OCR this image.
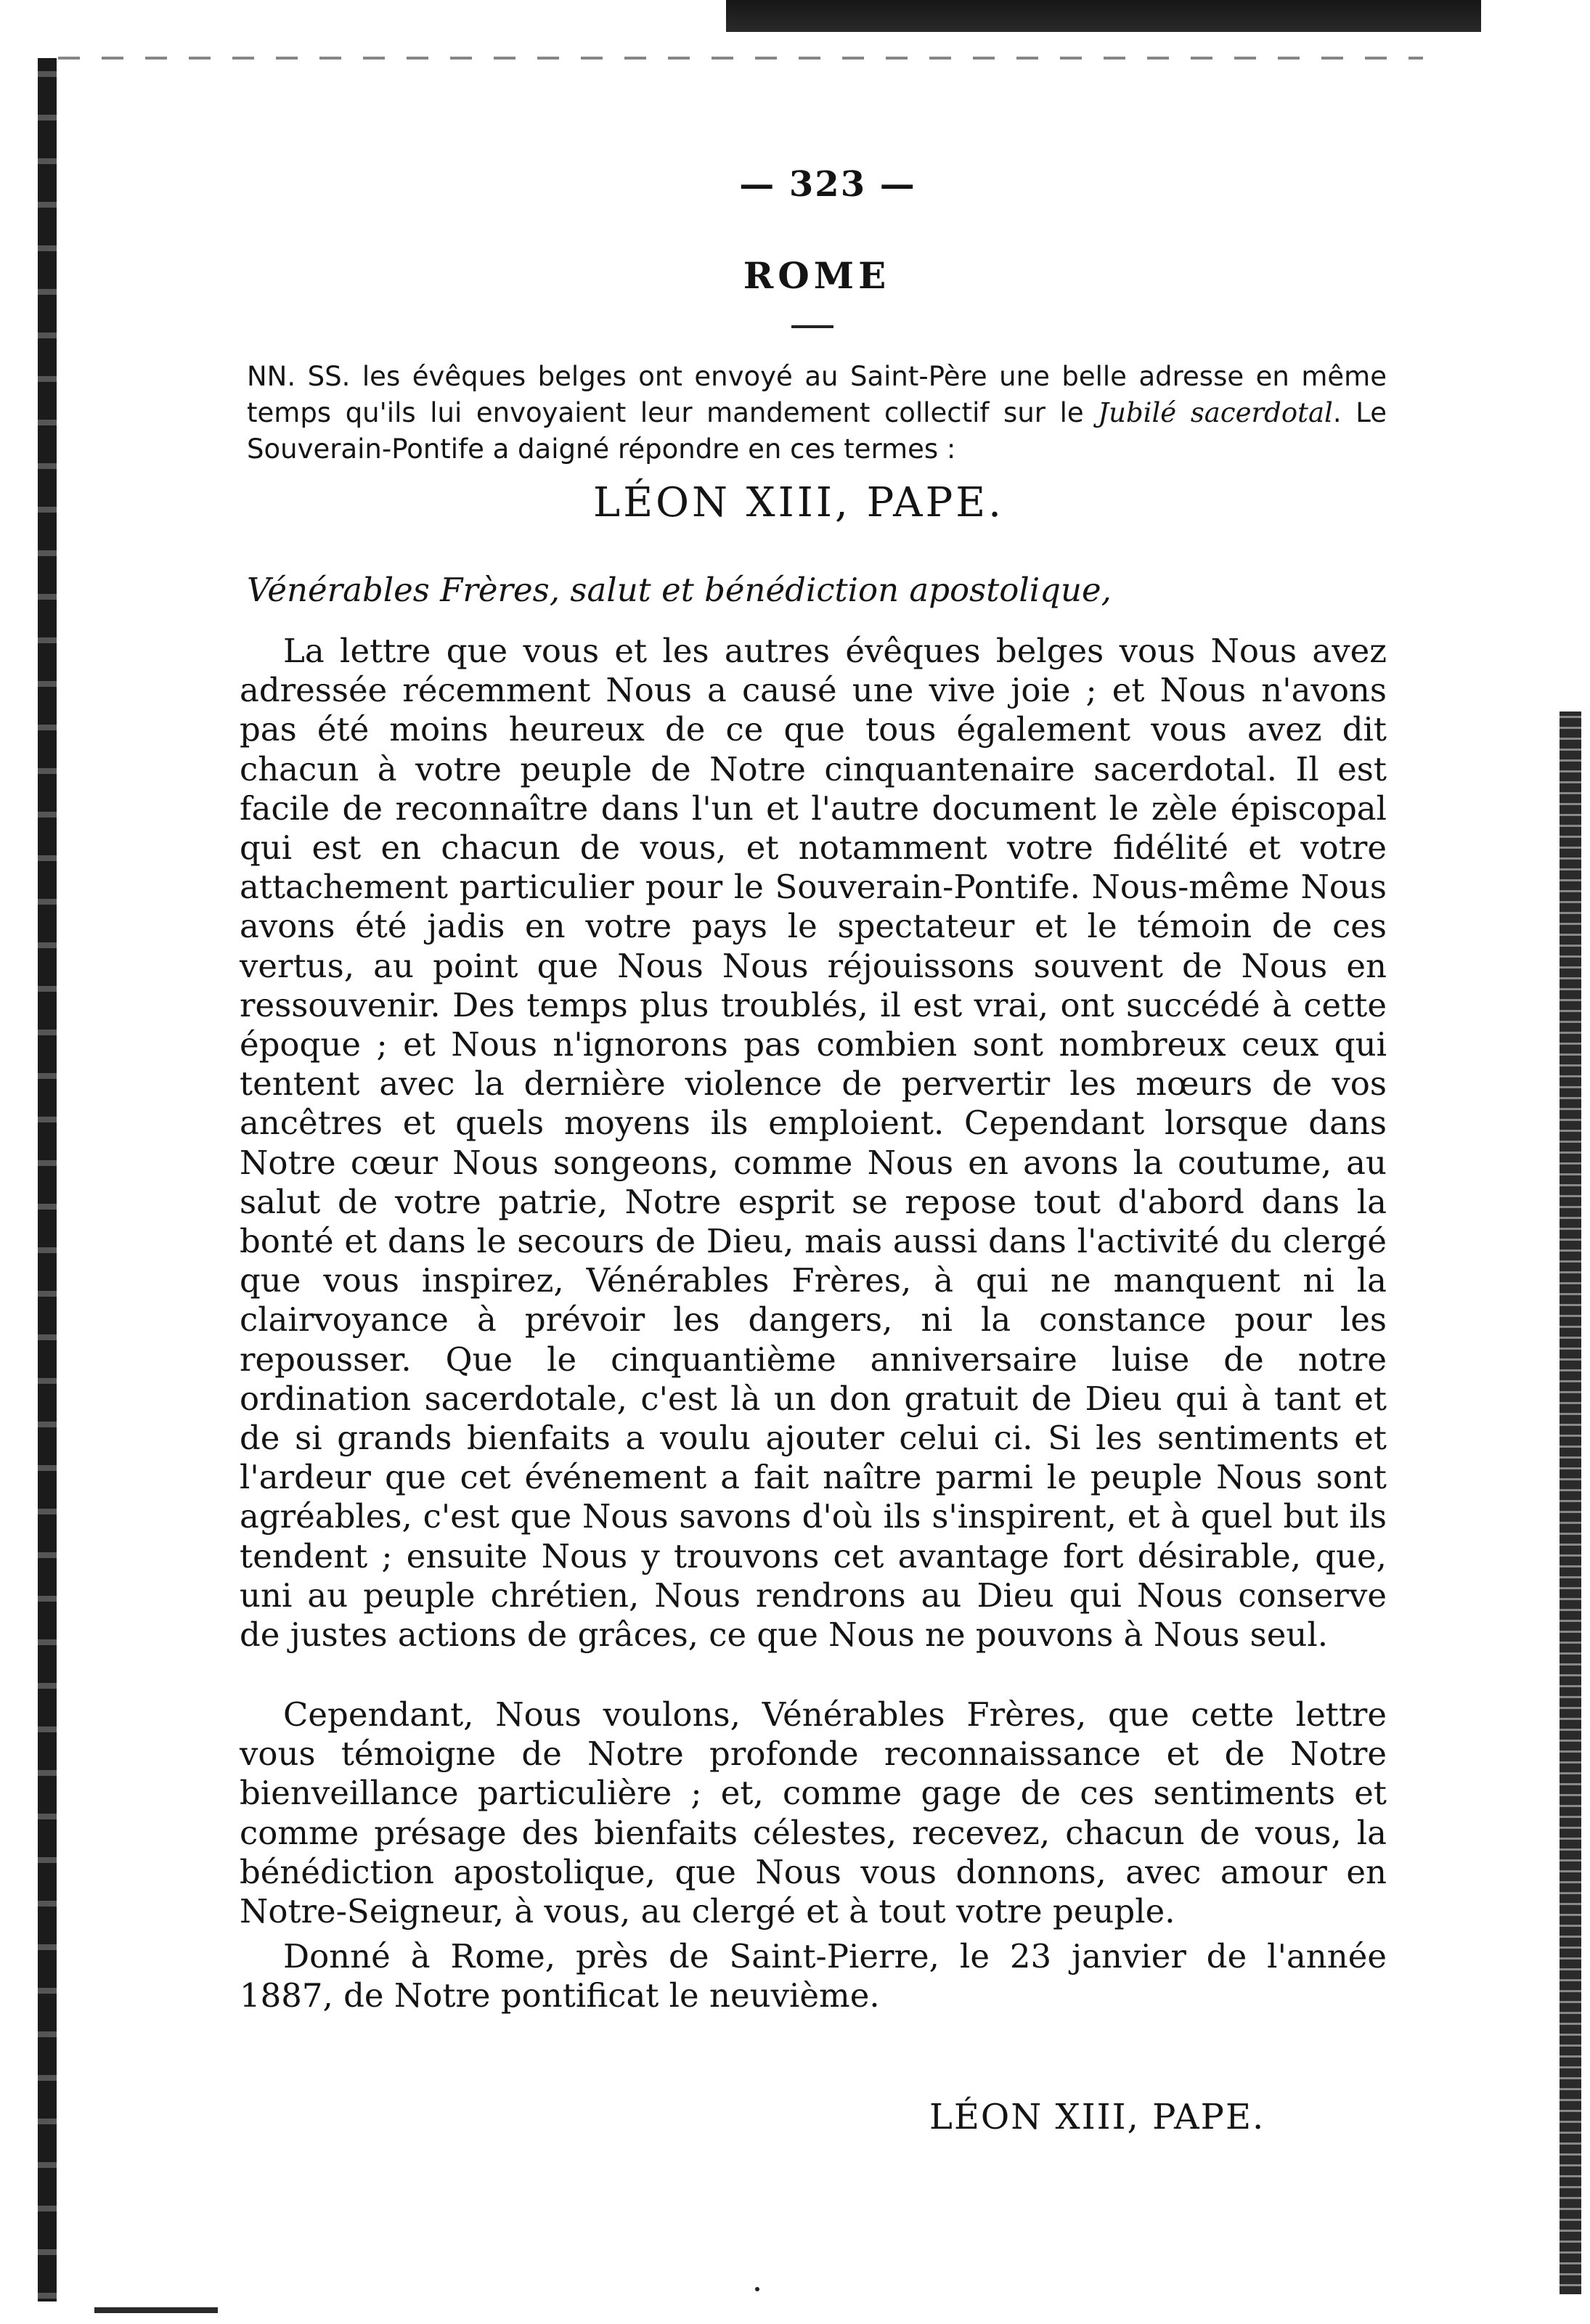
— 323 —
ROME

NN. SS. les évêques belges ont envoyé au Saint-Père une belle adresse en même temps qu'ils lui envoyaient leur mandement collectif sur le Jubilé sacerdotal. Le Souverain-Pontife a daigné répondre en ces termes :

LÉON XIII, PAPE.

Vénérables Frères, salut et bénédiction apostolique,

La lettre que vous et les autres évêques belges vous Nous avez adressée récemment Nous a causé une vive joie ; et Nous n'avons pas été moins heureux de ce que tous également vous avez dit chacun à votre peuple de Notre cinquantenaire sacerdotal. Il est facile de reconnaître dans l'un et l'autre document le zèle épiscopal qui est en chacun de vous, et notamment votre fidélité et votre attachement particulier pour le Souverain-Pontife. Nous-même Nous avons été jadis en votre pays le spectateur et le témoin de ces vertus, au point que Nous Nous réjouissons souvent de Nous en ressouvenir. Des temps plus troublés, il est vrai, ont succédé à cette époque ; et Nous n'ignorons pas combien sont nombreux ceux qui tentent avec la dernière violence de pervertir les mœurs de vos ancêtres et quels moyens ils emploient. Cependant lorsque dans Notre cœur Nous songeons, comme Nous en avons la coutume, au salut de votre patrie, Notre esprit se repose tout d'abord dans la bonté et dans le secours de Dieu, mais aussi dans l'activité du clergé que vous inspirez, Vénérables Frères, à qui ne manquent ni la clairvoyance à prévoir les dangers, ni la constance pour les repousser. Que le cinquantième anniversaire luise de notre ordination sacerdotale, c'est là un don gratuit de Dieu qui à tant et de si grands bienfaits a voulu ajouter celui ci. Si les sentiments et l'ardeur que cet événement a fait naître parmi le peuple Nous sont agréables, c'est que Nous savons d'où ils s'inspirent, et à quel but ils tendent ; ensuite Nous y trouvons cet avantage fort désirable, que, uni au peuple chrétien, Nous rendrons au Dieu qui Nous conserve de justes actions de grâces, ce que Nous ne pouvons à Nous seul.

Cependant, Nous voulons, Vénérables Frères, que cette lettre vous témoigne de Notre profonde reconnaissance et de Notre bienveillance particulière ; et, comme gage de ces sentiments et comme présage des bienfaits célestes, recevez, chacun de vous, la bénédiction apostolique, que Nous vous donnons, avec amour en Notre-Seigneur, à vous, au clergé et à tout votre peuple.

Donné à Rome, près de Saint-Pierre, le 23 janvier de l'année 1887, de Notre pontificat le neuvième.

LÉON XIII, PAPE.
